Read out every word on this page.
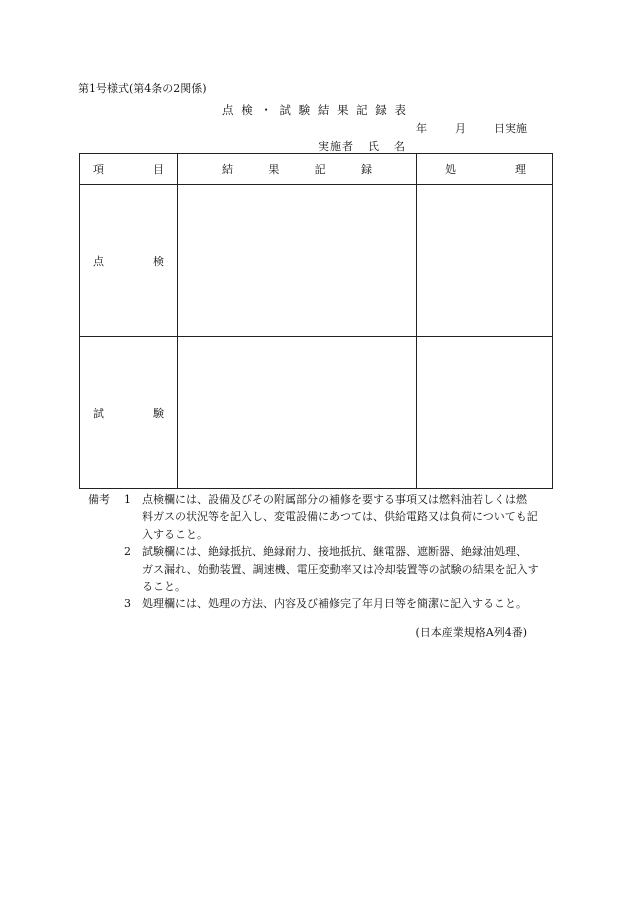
第1号様式(第4条の2関係)
点 検 ・ 試 験 結 果 記 録 表
年	月	日実施
実施者 氏 名
項 目	結 果 記 録	処 理

点 検		

試 験		

備考	1	点検欄には、設備及びその附属部分の補修を要する事項又は燃料油若しくは燃
料ガスの状況等を記入し、変電設備にあつては、供給電路又は負荷についても記
入すること。
2	試験欄には、絶縁抵抗、絶縁耐力、接地抵抗、継電器、遮断器、絶縁油処理、
ガス漏れ、始動装置、調速機、電圧変動率又は冷却装置等の試験の結果を記入す
ること。
3	処理欄には、処理の方法、内容及び補修完了年月日等を簡潔に記入すること。
(日本産業規格A列4番)
